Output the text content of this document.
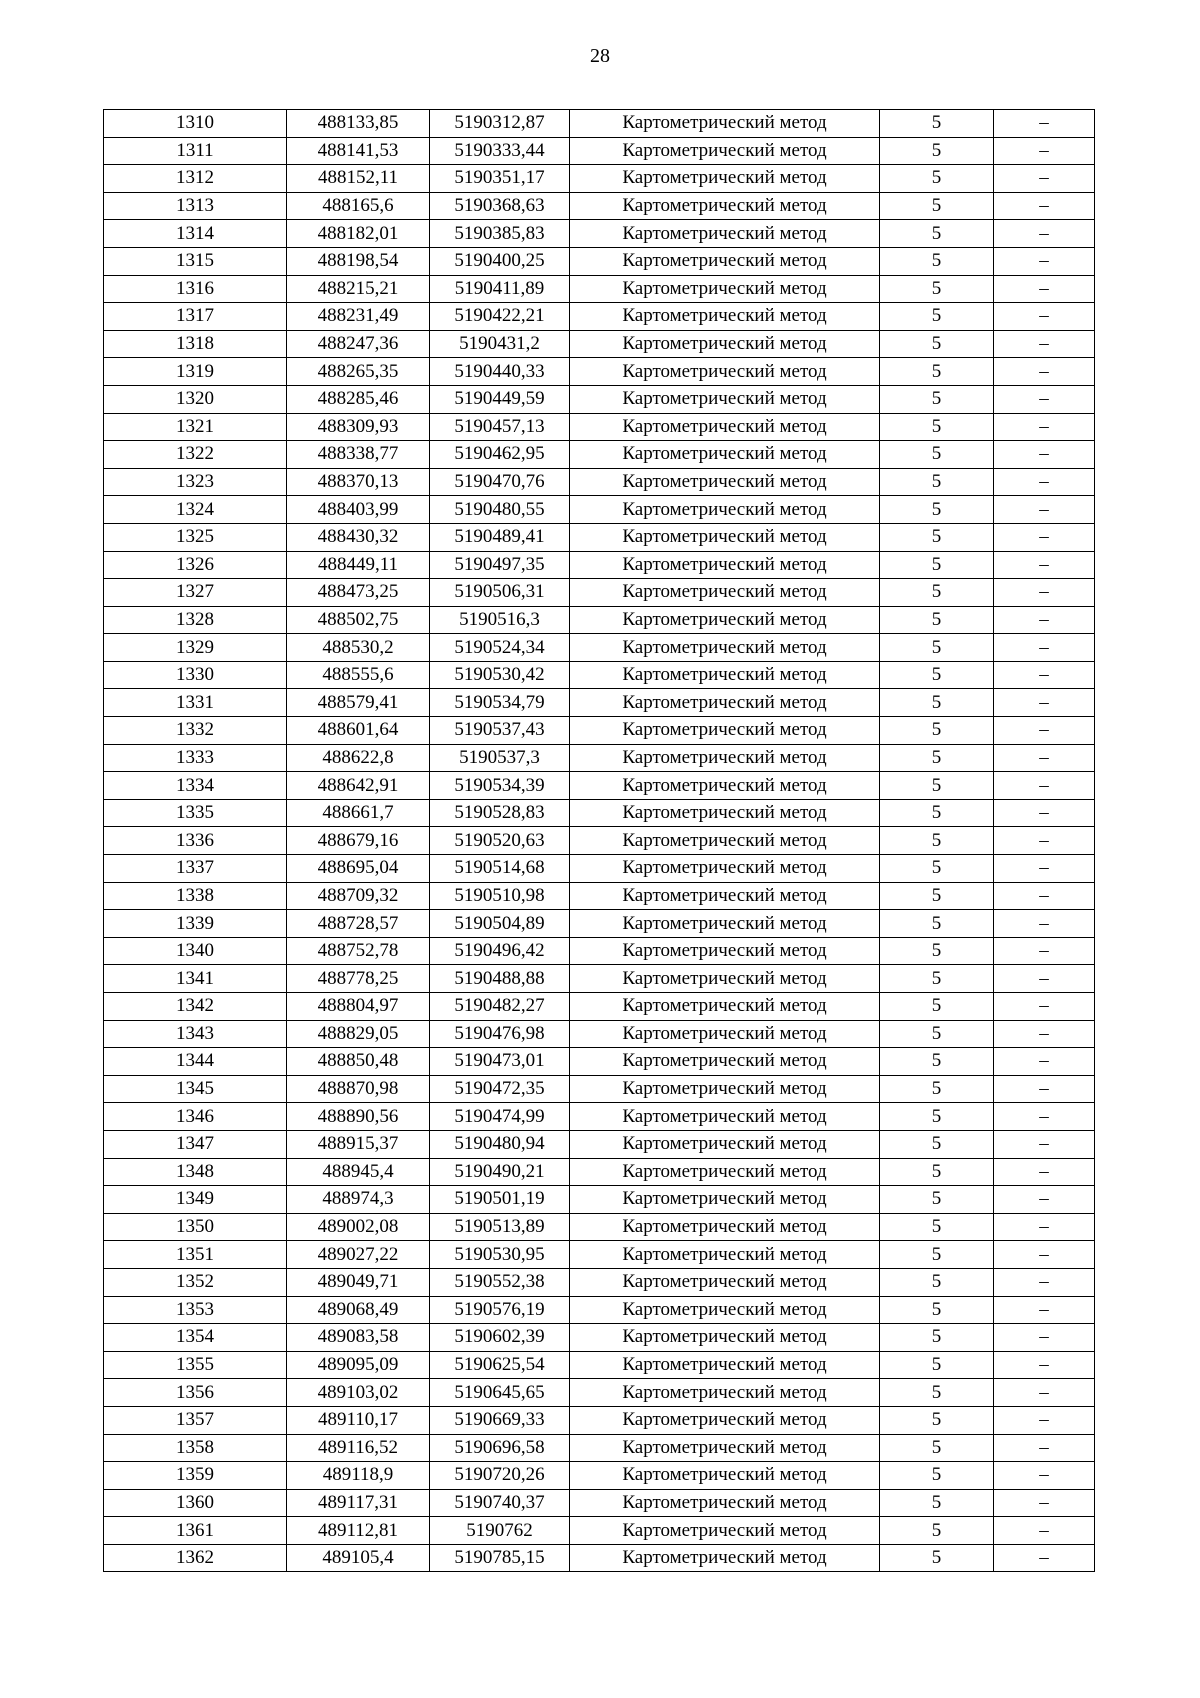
28
1310	488133,85	5190312,87	Картометрический метод	5	–
1311	488141,53	5190333,44	Картометрический метод	5	–
1312	488152,11	5190351,17	Картометрический метод	5	–
1313	488165,6	5190368,63	Картометрический метод	5	–
1314	488182,01	5190385,83	Картометрический метод	5	–
1315	488198,54	5190400,25	Картометрический метод	5	–
1316	488215,21	5190411,89	Картометрический метод	5	–
1317	488231,49	5190422,21	Картометрический метод	5	–
1318	488247,36	5190431,2	Картометрический метод	5	–
1319	488265,35	5190440,33	Картометрический метод	5	–
1320	488285,46	5190449,59	Картометрический метод	5	–
1321	488309,93	5190457,13	Картометрический метод	5	–
1322	488338,77	5190462,95	Картометрический метод	5	–
1323	488370,13	5190470,76	Картометрический метод	5	–
1324	488403,99	5190480,55	Картометрический метод	5	–
1325	488430,32	5190489,41	Картометрический метод	5	–
1326	488449,11	5190497,35	Картометрический метод	5	–
1327	488473,25	5190506,31	Картометрический метод	5	–
1328	488502,75	5190516,3	Картометрический метод	5	–
1329	488530,2	5190524,34	Картометрический метод	5	–
1330	488555,6	5190530,42	Картометрический метод	5	–
1331	488579,41	5190534,79	Картометрический метод	5	–
1332	488601,64	5190537,43	Картометрический метод	5	–
1333	488622,8	5190537,3	Картометрический метод	5	–
1334	488642,91	5190534,39	Картометрический метод	5	–
1335	488661,7	5190528,83	Картометрический метод	5	–
1336	488679,16	5190520,63	Картометрический метод	5	–
1337	488695,04	5190514,68	Картометрический метод	5	–
1338	488709,32	5190510,98	Картометрический метод	5	–
1339	488728,57	5190504,89	Картометрический метод	5	–
1340	488752,78	5190496,42	Картометрический метод	5	–
1341	488778,25	5190488,88	Картометрический метод	5	–
1342	488804,97	5190482,27	Картометрический метод	5	–
1343	488829,05	5190476,98	Картометрический метод	5	–
1344	488850,48	5190473,01	Картометрический метод	5	–
1345	488870,98	5190472,35	Картометрический метод	5	–
1346	488890,56	5190474,99	Картометрический метод	5	–
1347	488915,37	5190480,94	Картометрический метод	5	–
1348	488945,4	5190490,21	Картометрический метод	5	–
1349	488974,3	5190501,19	Картометрический метод	5	–
1350	489002,08	5190513,89	Картометрический метод	5	–
1351	489027,22	5190530,95	Картометрический метод	5	–
1352	489049,71	5190552,38	Картометрический метод	5	–
1353	489068,49	5190576,19	Картометрический метод	5	–
1354	489083,58	5190602,39	Картометрический метод	5	–
1355	489095,09	5190625,54	Картометрический метод	5	–
1356	489103,02	5190645,65	Картометрический метод	5	–
1357	489110,17	5190669,33	Картометрический метод	5	–
1358	489116,52	5190696,58	Картометрический метод	5	–
1359	489118,9	5190720,26	Картометрический метод	5	–
1360	489117,31	5190740,37	Картометрический метод	5	–
1361	489112,81	5190762	Картометрический метод	5	–
1362	489105,4	5190785,15	Картометрический метод	5	–
